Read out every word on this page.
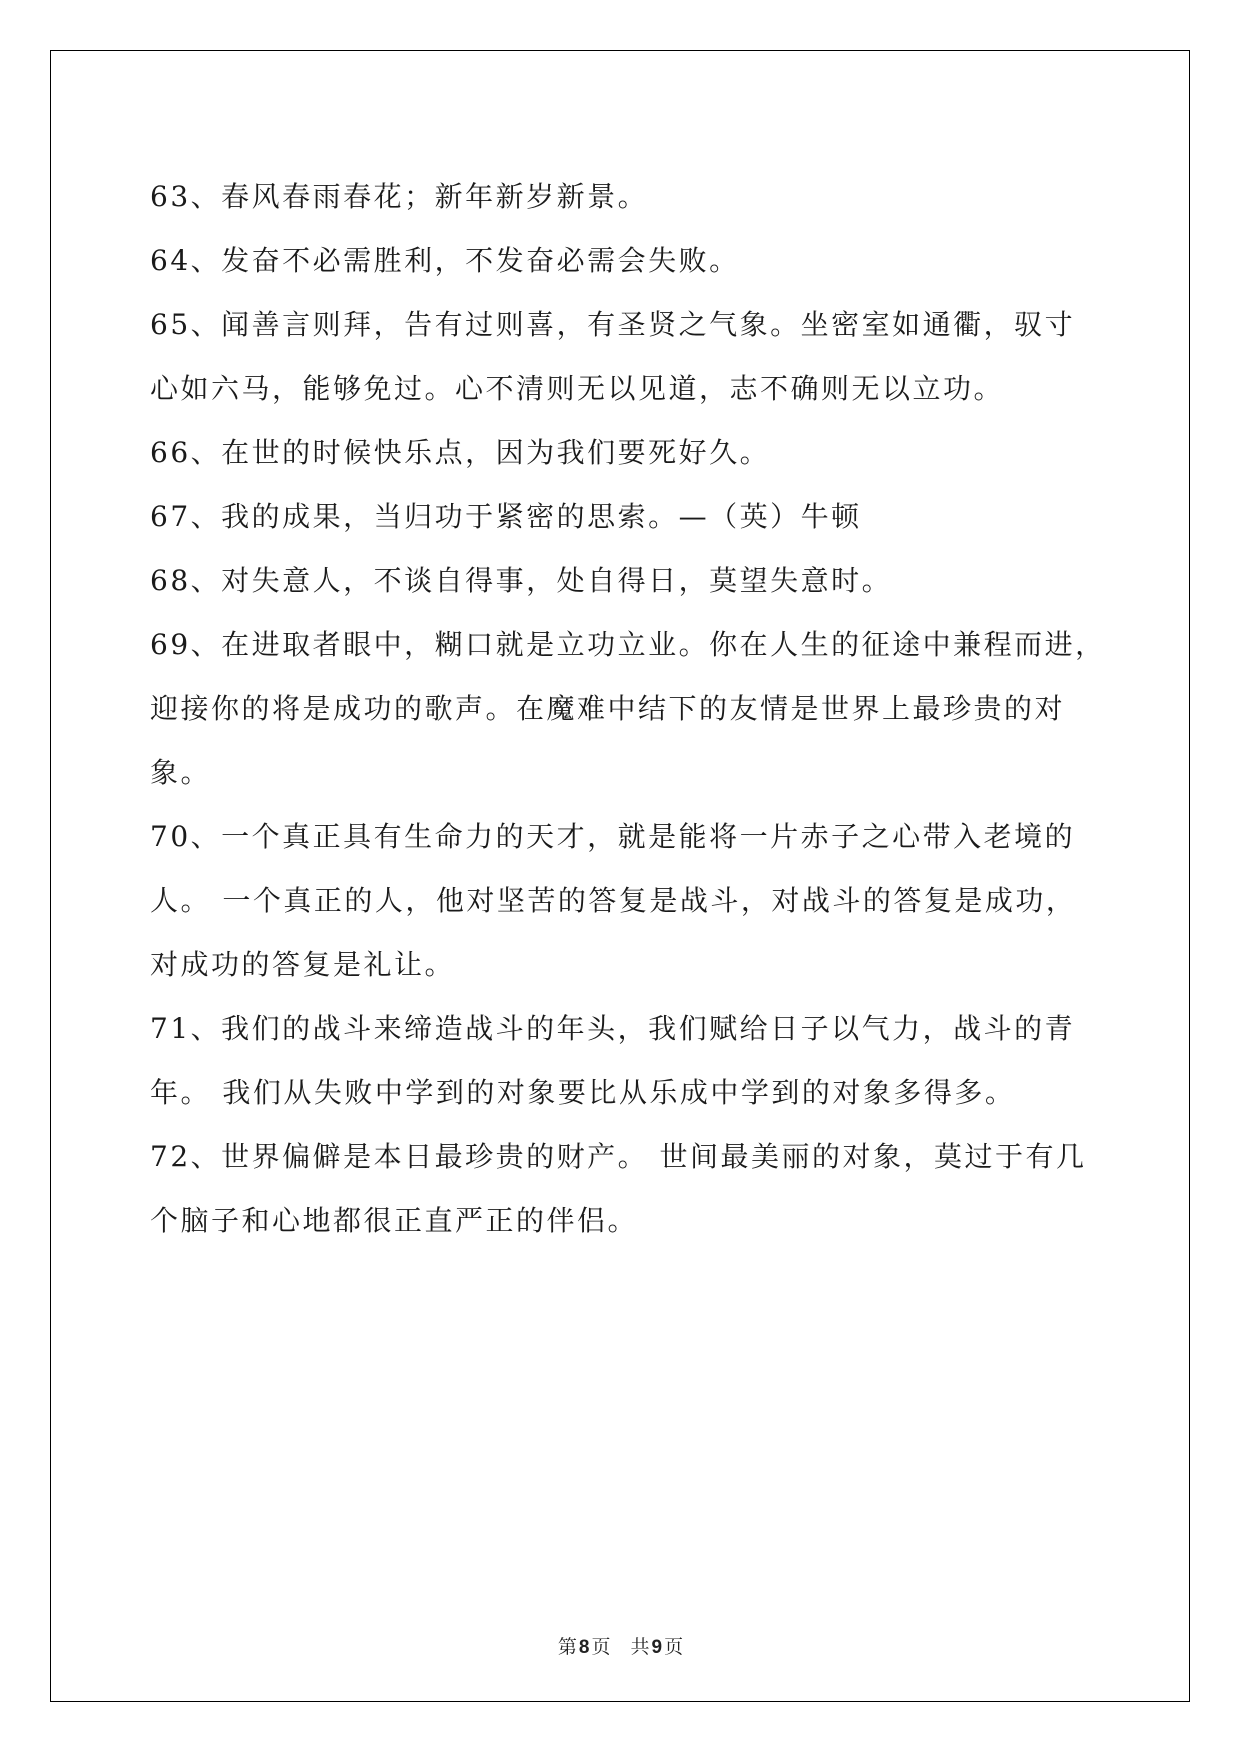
63、春风春雨春花；新年新岁新景。

64、发奋不必需胜利，不发奋必需会失败。

65、闻善言则拜，告有过则喜，有圣贤之气象。坐密室如通衢，驭寸

心如六马，能够免过。心不清则无以见道，志不确则无以立功。

66、在世的时候快乐点，因为我们要死好久。

67、我的成果，当归功于紧密的思索。—（英）牛顿

68、对失意人，不谈自得事，处自得日，莫望失意时。

69、在进取者眼中，糊口就是立功立业。你在人生的征途中兼程而进，

迎接你的将是成功的歌声。在魔难中结下的友情是世界上最珍贵的对

象。

70、一个真正具有生命力的天才，就是能将一片赤子之心带入老境的

人。 一个真正的人，他对坚苦的答复是战斗，对战斗的答复是成功，

对成功的答复是礼让。

71、我们的战斗来缔造战斗的年头，我们赋给日子以气力，战斗的青

年。 我们从失败中学到的对象要比从乐成中学到的对象多得多。

72、世界偏僻是本日最珍贵的财产。 世间最美丽的对象，莫过于有几

个脑子和心地都很正直严正的伴侣。

第 8 页 共 9 页
